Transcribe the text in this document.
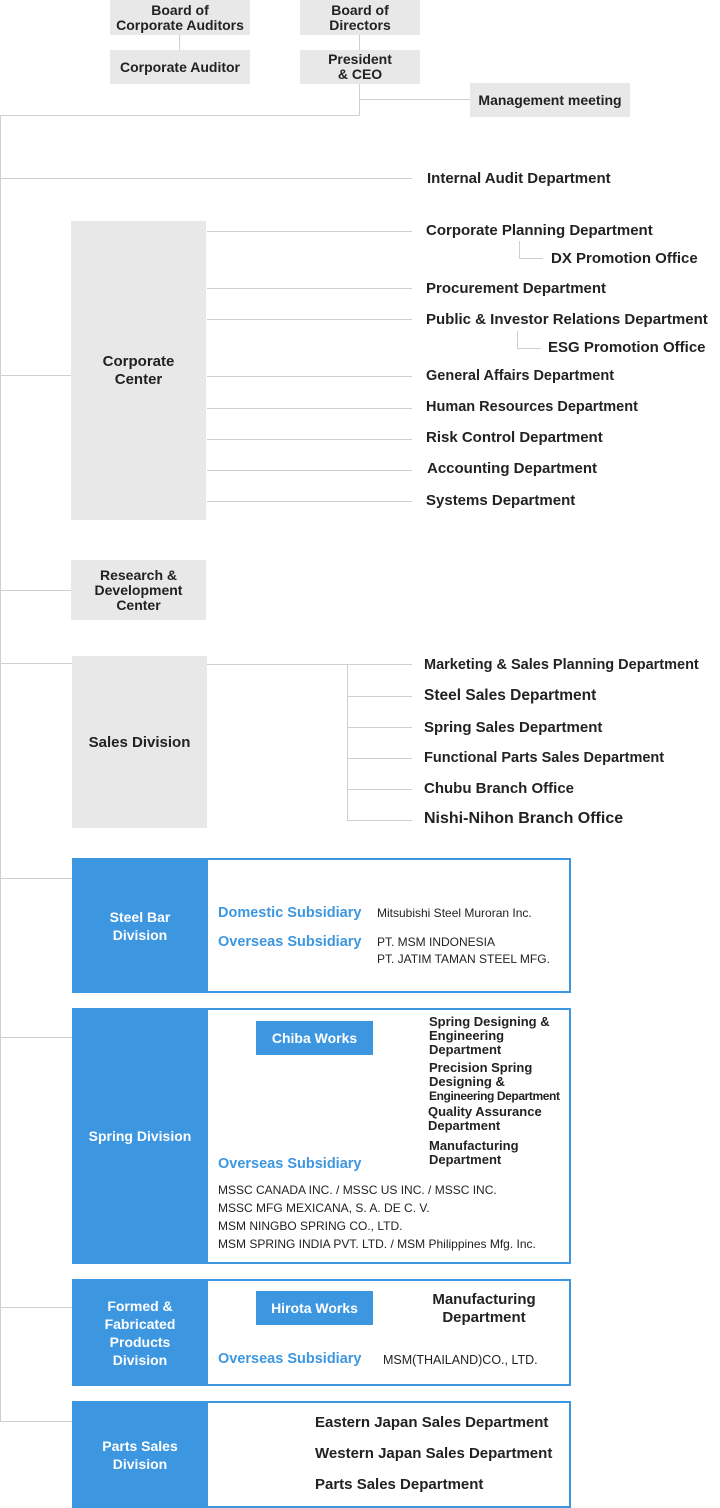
Board of
Corporate Auditors
Board of
Directors
Corporate Auditor	President
& CEO
Management meeting
Internal Audit Department
Corporate
Center
Corporate Planning Department
DX Promotion Office
Procurement Department
Public & Investor Relations Department
ESG Promotion Office
General Affairs Department
Human Resources Department
Risk Control Department
Accounting Department
Systems Department
Research &
Development
Center
Sales Division
Marketing & Sales Planning Department
Steel Sales Department
Spring Sales Department
Functional Parts Sales Department
Chubu Branch Office
Nishi-Nihon Branch Office
Steel Bar
Division
Domestic Subsidiary Mitsubishi Steel Muroran Inc.
Overseas Subsidiary PT. MSM INDONESIA
PT. JATIM TAMAN STEEL MFG.
Spring Division
Chiba Works
Spring Designing &
Engineering
Department
Precision Spring
Designing &
Engineering Department
Quality Assurance
Department
Manufacturing
Department
Overseas Subsidiary
MSSC CANADA INC. / MSSC US INC. / MSSC INC.
MSSC MFG MEXICANA, S. A. DE C. V.
MSM NINGBO SPRING CO., LTD.
MSM SPRING INDIA PVT. LTD. / MSM Philippines Mfg. Inc.
Formed &
Fabricated
Products
Division
Hirota Works	Manufacturing
Department
Overseas Subsidiary MSM(THAILAND)CO., LTD.
Parts Sales
Division
Eastern Japan Sales Department
Western Japan Sales Department
Parts Sales Department
